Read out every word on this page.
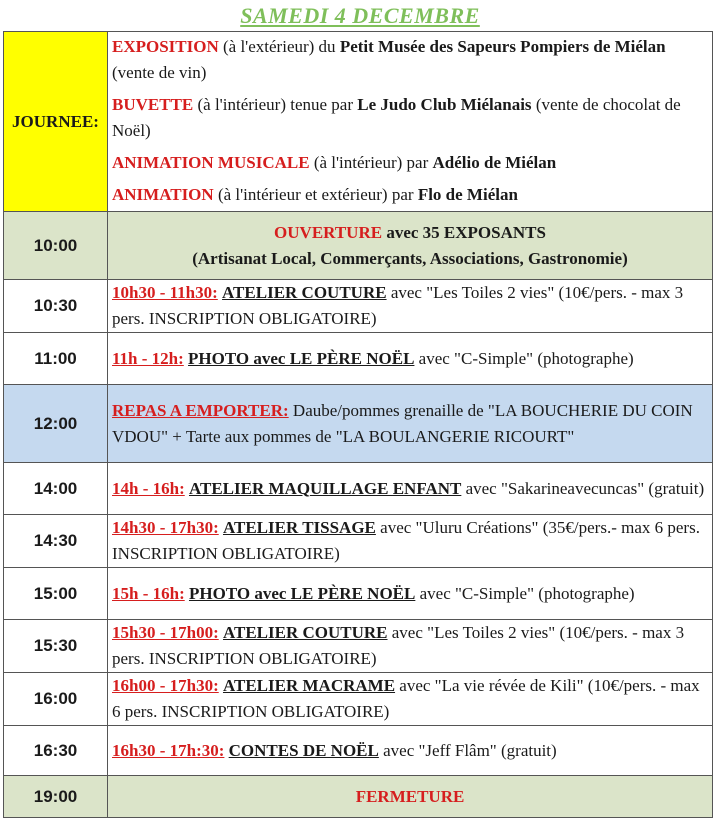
SAMEDI 4 DECEMBRE
JOURNEE:	EXPOSITION (à l'extérieur) du Petit Musée des Sapeurs Pompiers de Miélan (vente de vin)

BUVETTE (à l'intérieur) tenue par Le Judo Club Miélanais (vente de chocolat de Noël)

ANIMATION MUSICALE (à l'intérieur) par Adélio de Miélan

ANIMATION (à l'intérieur et extérieur) par Flo de Miélan

10:00	OUVERTURE avec 35 EXPOSANTS
(Artisanat Local, Commerçants, Associations, Gastronomie)
10:30	10h30 - 11h30: ATELIER COUTURE avec "Les Toiles 2 vies" (10€/pers. - max 3 pers. INSCRIPTION OBLIGATOIRE)
11:00	11h - 12h: PHOTO avec LE PÈRE NOËL avec "C-Simple" (photographe)
12:00	REPAS A EMPORTER: Daube/pommes grenaille de "LA BOUCHERIE DU COIN VDOU" + Tarte aux pommes de "LA BOULANGERIE RICOURT"
14:00	14h - 16h: ATELIER MAQUILLAGE ENFANT avec "Sakarineavecuncas" (gratuit)
14:30	14h30 - 17h30: ATELIER TISSAGE avec "Uluru Créations" (35€/pers.- max 6 pers. INSCRIPTION OBLIGATOIRE)
15:00	15h - 16h: PHOTO avec LE PÈRE NOËL avec "C-Simple" (photographe)
15:30	15h30 - 17h00: ATELIER COUTURE avec "Les Toiles 2 vies" (10€/pers. - max 3 pers. INSCRIPTION OBLIGATOIRE)
16:00	16h00 - 17h30: ATELIER MACRAME avec "La vie révée de Kili" (10€/pers. - max 6 pers. INSCRIPTION OBLIGATOIRE)
16:30	16h30 - 17h:30: CONTES DE NOËL avec "Jeff Flâm" (gratuit)
19:00	FERMETURE
